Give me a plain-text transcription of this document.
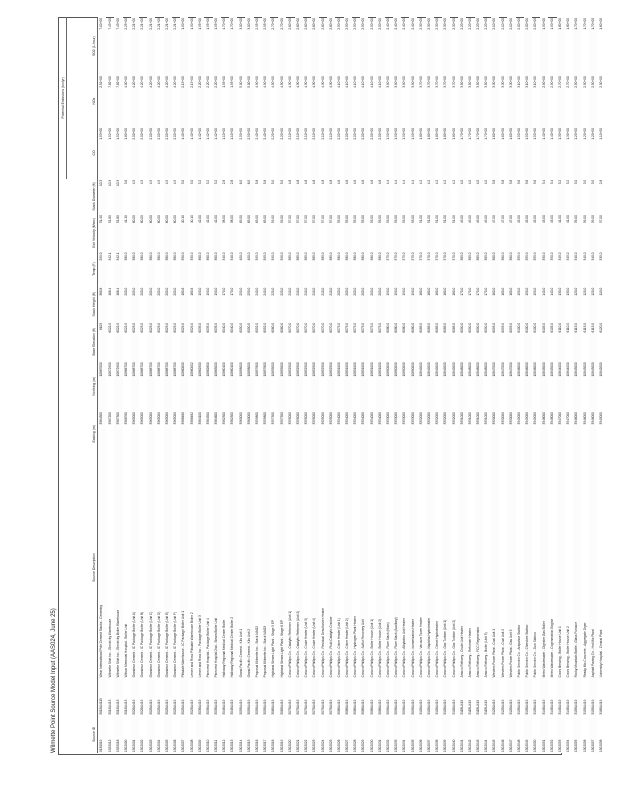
Wilmette Point Source Model Input (AAS024, June 25)
										Potential Emissions (ton/yr)		
Source ID		Source Description	Easting (m)	Northing (m)	Base Elevation (ft)	Stack Height (ft)	Temp (F)	Exit Velocity (ft/sec)	Stack Diameter (ft)	CO	NOx	SO2 (1-hour)
0130019	301BU4119	Wear International Pole Cement Stacks - Cementry	3564300	10887000	6103	380.8	299.0	51.40	10.3	1.53+00	2.52+00	7.10+00
1325012	301BU413	Wilmette Shirt Inc - Electricity Warehouse	3567200	10872900	6022.0	166.4	342.1	51.80	10.3	1.52+00	7.82+00	7.43+00
1325018	301BU413	Wilmette Shirt Inc - Electricity Boiler Warehouse	3567300	10872900	6022.0	166.4	342.1	51.80	10.3	1.52+00	7.82+00	7.43+00
1302000	301BU413	Wilson Memorial Hospital - Boiler Unit	3568760	10866700	6022.0	200.0	380.0	41.10	3.6	1.80+00	4.00+00	2.25+00
1302001	302BU419	Grandeur Cement - IC Package Boiler (Unit A)	3565000	10868700	6023.0	205.0	380.0	60.00	4.5	2.00+00	4.20+00	2.21+00
1302002	302BU419	Grandeur Cement - IC Package Boiler (Unit B)	3565000	10868700	6023.0	200.0	380.0	60.00	4.5	2.00+00	4.20+00	2.21+00
1302003	302BU419	Grandeur Cement - IC Package Boiler (Unit C)	3565000	10868700	6023.0	200.0	380.0	60.00	4.5	2.00+00	4.20+00	2.21+00
1302004	302BU419	Grandeur Cement - IC Package Boiler (Unit D)	3565000	10868700	6023.0	200.0	380.0	60.00	4.5	2.00+00	4.20+00	2.21+00
1302005	302BU419	Grandeur Cement - IC Package Boiler (Unit E)	3565000	10868700	6023.0	200.0	380.0	60.00	4.5	2.00+00	4.20+00	2.21+00
1302006	302BU419	Grandeur Cement - IC Package Boiler (Unit F)	3565000	10868700	6023.0	200.0	380.0	60.00	4.5	2.00+00	4.20+00	2.21+00
1302007	302BU419	Pillsdale Warehouse - IC Package Boiler Unit 1	3568460	10860000	6029.0	180.6	350.0	40.10	3.0	1.40+00	2.15+00	1.90+00
1302008	302BU419	Lerner and Ross Pillsdale Warehouse Boiler 2	3568462	10860002	6029.0	180.6	350.0	40.10	3.0	1.40+00	2.15+00	1.90+00
1302009	303BU419	Lerner and Ross Inc - Package Boiler Unit 3	3564100	10862500	6035.0	190.0	360.0	42.00	3.2	1.42+00	2.20+00	1.95+00
1302010	303BU419	Pinecrest Hospital - Package Boiler Unit 4	3564500	10862800	6035.0	190.0	360.0	42.00	3.2	1.42+00	2.20+00	1.95+00
1302011	303BU419	Pinecrest Hospital 2nd - Steam Boiler Unit	3564600	10863000	6035.0	190.0	360.0	42.00	3.2	1.42+00	2.20+00	1.95+00
1302012	304BU419	Halloway Regional Medical Center Boiler	3562300	10860100	6040.0	170.0	340.0	38.00	2.8	1.10+00	1.95+00	1.70+00
1302013	304BU419	Halloway Regional Medical Center Boiler 2	3562300	10860100	6040.0	170.0	340.0	38.00	2.8	1.10+00	1.95+00	1.70+00
1302014	305BU419	Grand Pacific Cement - Kiln Unit 1	3560000	10858000	6050.0	250.0	400.0	65.00	6.0	2.50+00	5.00+00	3.00+00
1302015	305BU419	Grand Pacific Cement - Kiln Unit 2	3560000	10858000	6050.0	250.0	400.0	65.00	6.0	2.50+00	5.00+00	3.00+00
1302016	305BU419	Proposal Wilmette Inc - Stack NAO2	3559800	10857800	6052.0	240.0	395.0	63.00	5.8	2.40+00	4.90+00	2.95+00
1302017	305BU419	Proposal Wilmette Inc - Stack NAO3	3559800	10857800	6052.0	240.0	395.0	63.00	5.8	2.40+00	4.90+00	2.95+00
1302018	306BU419	Highland Steam Light Plant - Stage 5 EP	3557500	10855000	6060.0	220.0	390.0	59.00	5.0	2.20+00	4.50+00	2.70+00
1302019	306BU419	Highland Steam Light Plant - Stage 6 EP	3557500	10855000	6060.0	220.0	390.0	59.00	5.0	2.20+00	4.50+00	2.70+00
1302020	307BU419	ConocoPhillips Co - Catalytic Reformer (Unit 1)	3555000	10852500	6070.0	210.0	385.0	57.00	4.8	2.10+00	4.30+00	2.60+00
1302021	307BU419	ConocoPhillips Co - Catalytic Reformer (Unit 2)	3555000	10852500	6070.0	210.0	385.0	57.00	4.8	2.10+00	4.30+00	2.60+00
1302022	307BU419	ConocoPhillips Co - Crude Heater (Unit 3)	3555000	10852500	6070.0	210.0	385.0	57.00	4.8	2.10+00	4.30+00	2.60+00
1302023	307BU419	ConocoPhillips Co - Crude Heater (Unit 4)	3555000	10852500	6070.0	210.0	385.0	57.00	4.8	2.10+00	4.30+00	2.60+00
1302024	307BU419	ConocoPhillips Co - Residual Desulfurizer Heater	3555000	10852500	6070.0	210.0	385.0	57.00	4.8	2.10+00	4.30+00	2.60+00
1302025	307BU419	ConocoPhillips Co - Fluid Catalytic Cracker	3555000	10852500	6070.0	210.0	385.0	57.00	4.8	2.10+00	4.30+00	2.60+00
1302026	308BU419	ConocoPhillips Co - Coker Heater (Unit 1)	3554000	10851000	6075.0	200.0	380.0	55.00	4.6	2.00+00	4.10+00	2.50+00
1302027	308BU419	ConocoPhillips Co - Coker Heater (Unit 2)	3554000	10851000	6075.0	200.0	380.0	55.00	4.6	2.00+00	4.10+00	2.50+00
1302028	308BU419	ConocoPhillips Co - Hydrogen Plant Heater	3554000	10851000	6075.0	200.0	380.0	55.00	4.6	2.00+00	4.10+00	2.50+00
1302029	308BU419	ConocoPhillips Co - Sulfur Recovery Unit	3554000	10851000	6075.0	200.0	380.0	55.00	4.6	2.00+00	4.10+00	2.50+00
1302030	308BU419	ConocoPhillips Co - Boiler House (Unit 1)	3554000	10851000	6075.0	200.0	380.0	55.00	4.6	2.00+00	4.10+00	2.50+00
1302031	308BU419	ConocoPhillips Co - Boiler House (Unit 2)	3554000	10851000	6075.0	200.0	380.0	55.00	4.6	2.00+00	4.10+00	2.50+00
1302032	309BU419	ConocoPhillips Co - Flare Stack (Main)	3553000	10850000	6080.0	190.0	375.0	53.00	4.4	1.90+00	3.90+00	2.40+00
1302033	309BU419	ConocoPhillips Co - Flare Stack (Auxiliary)	3553000	10850000	6080.0	190.0	375.0	53.00	4.4	1.90+00	3.90+00	2.40+00
1302034	309BU419	ConocoPhillips Co - Alkylation Unit Heater	3553000	10850000	6080.0	190.0	375.0	53.00	4.4	1.90+00	3.90+00	2.40+00
1302035	309BU419	ConocoPhillips Co - Isomerization Heater	3553000	10850000	6080.0	190.0	375.0	53.00	4.4	1.90+00	3.90+00	2.40+00
1302036	310BU419	ConocoPhillips Co - Vacuum Tower Heater	3552000	10849000	6085.0	180.0	370.0	51.00	4.2	1.80+00	3.70+00	2.30+00
1302037	310BU419	ConocoPhillips Co - Naphtha Hydrotreater	3552000	10849000	6085.0	180.0	370.0	51.00	4.2	1.80+00	3.70+00	2.30+00
1302038	310BU419	ConocoPhillips Co - Diesel Hydrotreater	3552000	10849000	6085.0	180.0	370.0	51.00	4.2	1.80+00	3.70+00	2.30+00
1302039	310BU419	ConocoPhillips Co - Gas Turbine (Unit 1)	3552000	10849000	6085.0	180.0	370.0	51.00	4.2	1.80+00	3.70+00	2.30+00
1302040	310BU419	ConocoPhillips Co - Gas Turbine (Unit 2)	3552000	10849000	6085.0	180.0	370.0	51.00	4.2	1.80+00	3.70+00	2.30+00
1302041	311BU419	Amoco Refinery - Crude Unit Heater	3551000	10848000	6090.0	170.0	365.0	49.00	4.0	1.70+00	3.50+00	2.20+00
1302042	311BU419	Amoco Refinery - Reformer Heater	3551000	10848000	6090.0	170.0	365.0	49.00	4.0	1.70+00	3.50+00	2.20+00
1302043	311BU419	Amoco Refinery - FCC Regenerator	3551000	10848000	6090.0	170.0	365.0	49.00	4.0	1.70+00	3.50+00	2.20+00
1302044	311BU419	Amoco Refinery - Boiler (Unit 5)	3551000	10848000	6090.0	170.0	365.0	49.00	4.0	1.70+00	3.50+00	2.20+00
1302045	312BU419	Western Power Plant - Coal Unit 1	3550000	10847000	6095.0	160.0	360.0	47.00	3.8	1.60+00	3.30+00	2.10+00
1302046	312BU419	Western Power Plant - Coal Unit 2	3550000	10847000	6095.0	160.0	360.0	47.00	3.8	1.60+00	3.30+00	2.10+00
1302047	312BU419	Western Power Plant - Gas Unit 3	3550000	10847000	6095.0	160.0	360.0	47.00	3.8	1.60+00	3.30+00	2.10+00
1302048	313BU419	Public Service Co - Arapahoe Station	3549000	10846000	6100.0	150.0	355.0	45.00	3.6	1.50+00	3.10+00	2.00+00
1302049	313BU419	Public Service Co - Cherokee Station	3549000	10846000	6100.0	150.0	355.0	45.00	3.6	1.50+00	3.10+00	2.00+00
1302050	313BU419	Public Service Co - Zuni Station	3549000	10846000	6100.0	150.0	355.0	45.00	3.6	1.50+00	3.10+00	2.00+00
1302051	314BU419	Metro Wastewater - Digester Gas Boiler	3548000	10845000	6105.0	140.0	350.0	43.00	3.4	1.40+00	2.90+00	1.90+00
1302052	314BU419	Metro Wastewater - Cogeneration Engine	3548000	10845000	6105.0	140.0	350.0	43.00	3.4	1.40+00	2.90+00	1.90+00
1302053	314BU419	Coors Brewing - Boiler House Unit 1	3547000	10844000	6110.0	130.0	345.0	41.00	3.2	1.30+00	2.70+00	1.80+00
1302054	314BU419	Coors Brewing - Boiler House Unit 2	3547000	10844000	6110.0	130.0	345.0	41.00	3.2	1.30+00	2.70+00	1.80+00
1302055	315BU419	Rocky Mountain Bottle - Glass Furnace	3546000	10843000	6115.0	120.0	340.0	39.00	3.0	1.20+00	2.50+00	1.70+00
1302056	315BU419	Ready Mix Concrete - Aggregate Dryer	3546000	10843000	6115.0	120.0	340.0	39.00	3.0	1.20+00	2.50+00	1.70+00
1302057	315BU419	Asphalt Paving Co - Hot Mix Plant	3546000	10843000	6115.0	120.0	340.0	39.00	3.0	1.20+00	2.50+00	1.70+00
1302058	316BU419	University Hospital - Central Plant	3545000	10842000	6120.0	110.0	335.0	37.00	2.8	1.10+00	2.30+00	1.60+00
